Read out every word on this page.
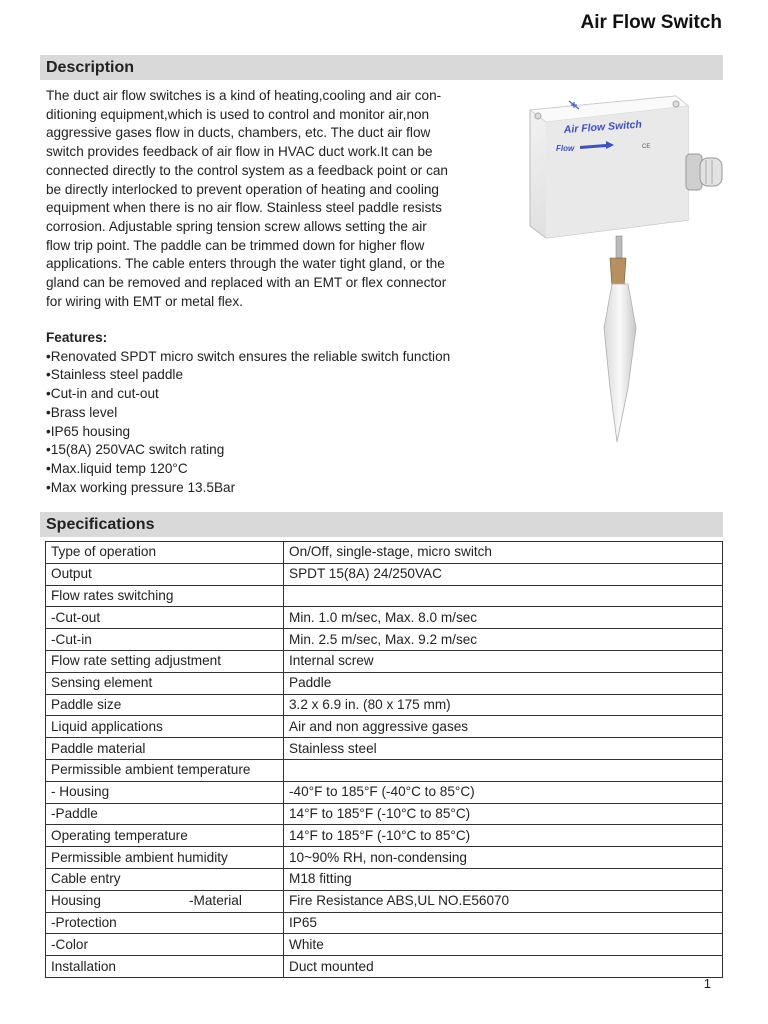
Air Flow Switch
Description
The duct air flow switches is a kind of heating,cooling and air con-
ditioning equipment,which is used to control and monitor air,non
aggressive gases flow in ducts, chambers, etc. The duct air flow
switch provides feedback of air flow in HVAC duct work.It can be
connected directly to the control system as a feedback point or can
be directly interlocked to prevent operation of heating and cooling
equipment when there is no air flow. Stainless steel paddle resists
corrosion. Adjustable spring tension screw allows setting the air
flow trip point. The paddle can be trimmed down for higher flow
applications. The cable enters through the water tight gland, or the
gland can be removed and replaced with an EMT or flex connector
for wiring with EMT or metal flex.
Features:
•Renovated SPDT micro switch ensures the reliable switch function
•Stainless steel paddle
•Cut-in and cut-out
•Brass level
•IP65 housing
•15(8A) 250VAC switch rating
•Max.liquid temp 120°C
•Max working pressure 13.5Bar
Air Flow Switch
Flow	CE
Specifications
Type of operation	On/Off, single-stage, micro switch
Output	SPDT 15(8A) 24/250VAC
Flow rates switching	
-Cut-out	Min. 1.0 m/sec, Max. 8.0 m/sec
-Cut-in	Min. 2.5 m/sec, Max. 9.2 m/sec
Flow rate setting adjustment	Internal screw
Sensing element	Paddle
Paddle size	3.2 x 6.9 in. (80 x 175 mm)
Liquid applications	Air and non aggressive gases
Paddle material	Stainless steel
Permissible ambient temperature	
- Housing	-40°F to 185°F (-40°C to 85°C)
-Paddle	14°F to 185°F (-10°C to 85°C)
Operating temperature	14°F to 185°F (-10°C to 85°C)
Permissible ambient humidity	10~90% RH, non-condensing
Cable entry	M18 fitting

Housing -Material	Fire Resistance ABS,UL NO.E56070
-Protection	IP65
-Color	White
Installation	Duct mounted
1
